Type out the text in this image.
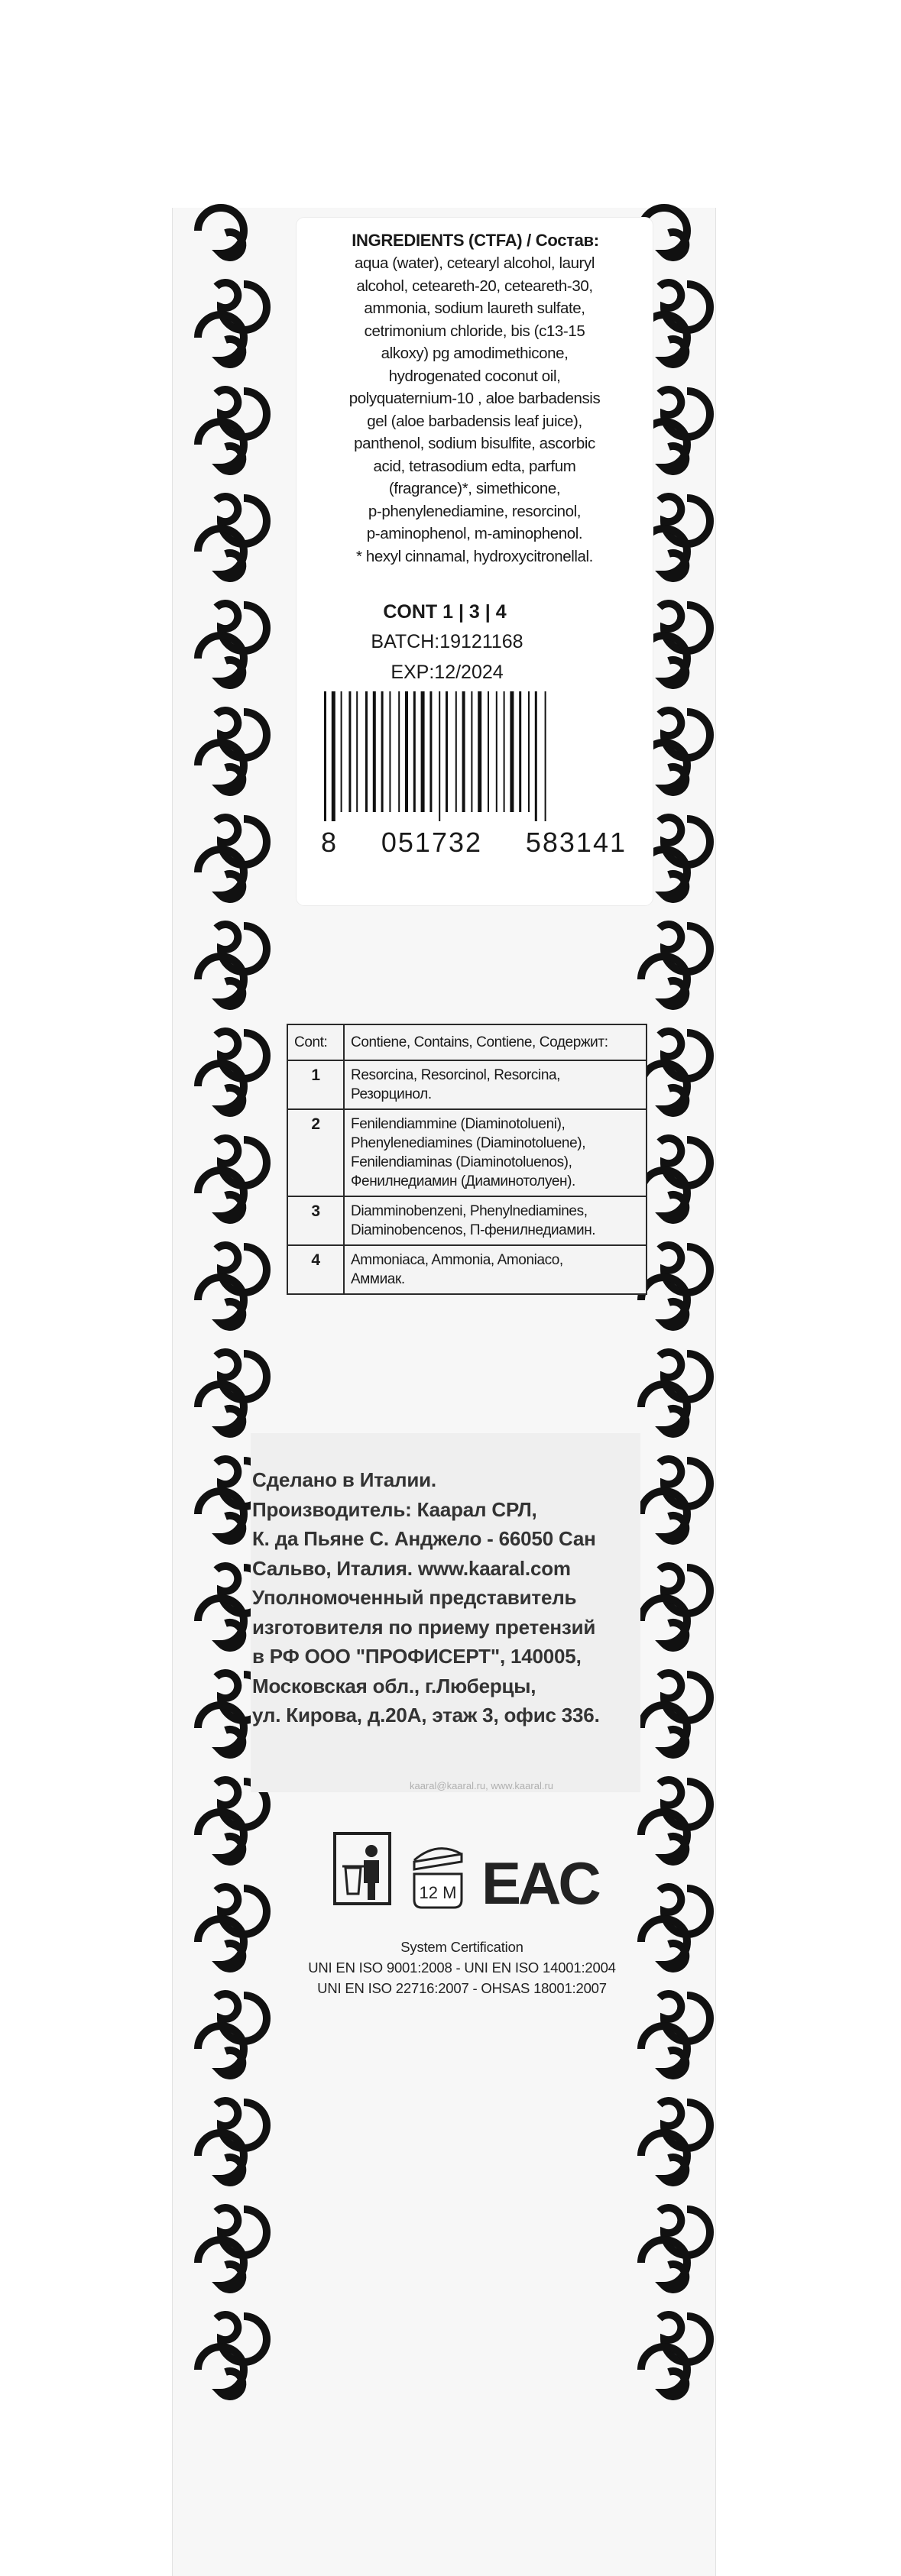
INGREDIENTS (CTFA) / Состав:
aqua (water), cetearyl alcohol, lauryl
alcohol, ceteareth-20, ceteareth-30,
ammonia, sodium laureth sulfate,
cetrimonium chloride, bis (c13-15
alkoxy) pg amodimethicone,
hydrogenated coconut oil,
polyquaternium-10 , aloe barbadensis
gel (aloe barbadensis leaf juice),
panthenol, sodium bisulfite, ascorbic
acid, tetrasodium edta, parfum
(fragrance)*, simethicone,
p-phenylenediamine, resorcinol,
p-aminophenol, m-aminophenol.
* hexyl cinnamal, hydroxycitronellal.
CONT 1 | 3 | 4
BATCH:19121168
EXP:12/2024
8 051732 583141
Cont:	Contiene, Contains, Contiene, Содержит:
1	Resorcina, Resorcinol, Resorcina,
Резорцинол.

2	Fenilendiammine (Diaminotolueni),
Phenylenediamines (Diaminotoluene),
Fenilendiaminas (Diaminotoluenos),
Фенилнедиамин (Диаминотолуен).

3	Diamminobenzeni, Phenylnediamines,
Diaminobencenos, П-фенилнедиамин.

4	Ammoniaca, Ammonia, Amoniaco,
Аммиак.
Сделано в Италии.
Производитель: Каарал СРЛ,
К. да Пьяне С. Анджело - 66050 Сан
Сальво, Италия. www.kaaral.com
Уполномоченный представитель
изготовителя по приему претензий
в РФ ООО "ПРОФИСЕРТ", 140005,
Московская обл., г.Люберцы,
ул. Кирова, д.20А, этаж 3, офис 336.
kaaral@kaaral.ru, www.kaaral.ru
12 M EAC
System Certification
UNI EN ISO 9001:2008 - UNI EN ISO 14001:2004
UNI EN ISO 22716:2007 - OHSAS 18001:2007
